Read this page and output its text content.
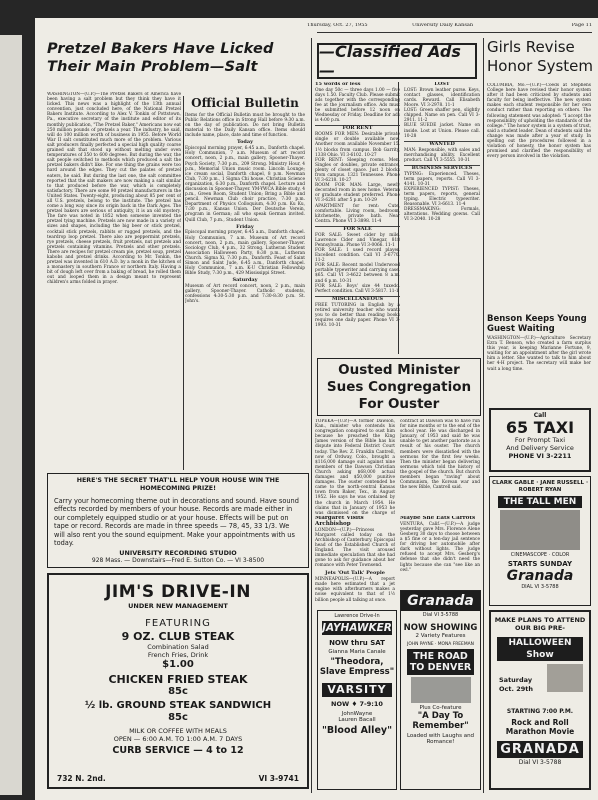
Thursday, Oct. 27, 1955	University Daily Kansan	Page 11
Pretzel Bakers Have Licked Their Main Problem—Salt
WASHINGTON—(U.P.)—The Pretzel Bakers of America have been having a salt problem but they think they have it licked. This news was a highlight of the 13th annual convention, just concluded here, of the National Pretzel Bakers Institute. According to Alex V. Tonkin of Pottstown, Pa., executive secretary of the institute and editor of its monthly publication, "The Pretzel Baker," Americans now eat 250 million pounds of pretzels a year. The industry, he said, will do 100 million worth of business in 1955. Before World War II salt constituted much more of the problem. Various salt producers finally perfected a special high quality coarse grained salt that stood up without melting under oven temperatures of 350 to 600 degrees. But during the war, the salt people switched to methods which produced a salt the pretzel bakers didn't like. For one thing the grains were too hard around the edges. They cut the palates of pretzel eaters, he said. But during the last one, the salt committee reported that the salt makers are now making a salt similar to that produced before the war, which is completely satisfactory. There are some 90 pretzel manufacturers in the United States. Twenty-eight, producing about 85 per cent of all U.S. pretzels, belong to the institute. The pretzel has come a long way since its origin back in the Dark Ages. The pretzel bakers are serious of antiquity, it is an old mystery. The fare was noted in 1852 when someone invented the pretzel tying machine. Pretzels are now made in a variety of sizes and shapes, including the big beer or stick pretzel, cocktail stick pretzels, rabbits or rugged pretzels, and the teardrop loop pretzel. There also are peppermint pretzels, rye pretzels, cheese pretzels, fruit pretzels, nut pretzels and pretzels containing vitamins. Pretzels and other pretzels. There are recipes for pretzel cream pie, pretzel soup, pretzel kabobs and pretzel drinks. According to Mr. Tonkin, the pretzel was invented in 610 A.D. by a monk in the kitchen of a monastery in southern France or northern Italy. Having a bit of dough left over from a baking of bread, he rolled them out and looped them in a design meant to represent children's arms folded in prayer.
Official Bulletin
Items for the Official Bulletin must be brought to the Public Relations office in Strong Hall before 9:30 a.m. on the day of publication. Do not bring Bulletin material to the Daily Kansan office. Items should include name, place, date and time of function.
Today
Episcopal morning prayer, 6:45 a.m., Danforth chapel. Holy Communion, 7 a.m. Museum of art record concert, noon, 2 p.m., main gallery, Spooner-Thayer. Psych Society, 7:30 p.m., 209 Strong. Ministry Hour, 4 p.m., Memorial Union music room. Lincoln Lounge; ice cream social, Danforth chapel, 8 p.m. Newman Club, 7:30 p.m., 1 Sigma Chi house. Christian Science organization, 6:30 p.m., Danforth chapel. Lecture and discussion in Spooner-Thayer. YM-YWCA Bible study, 4 p.m., Green Room, Student Union; Bring a Bible and pencil. Newman Club choir practice, 7:30 p.m. Department of Physics Colloquium, 4:30 p.m. Ku Ku, 7:30 p.m., Kansas Union. Der Deutsche Verein, program in German; all who speak German invited. Quill Club, 7 p.m., Student Union.
Friday
Episcopal morning prayer, 6:45 a.m., Danforth chapel. Holy Communion, 7 a.m. Museum of Art record concert, noon, 2 p.m., main gallery, Spooner-Thayer. Sociology Club, 4 p.m., 32 Strong. Lutheran Student Association Halloween Party, 8:30 p.m., Lutheran Church. Sigma Xi, 7:30 p.m., Danforth. Feast of Saint Simon and Saint Jude, 6:45 a.m., Danforth chapel. Holy Communion, 7 a.m. K-U Christian Fellowship Bible Study, 7:30 p.m., 429 Mississippi Street.
Saturday
Museum of Art record concert, noon, 2 p.m., main gallery, Spooner-Thayer. Catholic students, confessions 4:30-5:30 p.m. and 7:30-8:30 p.m. St. John's.
HERE'S THE SECRET THAT'LL HELP YOUR HOUSE WIN THE HOMECOMING PRIZE!
Carry your homecoming theme out in decorations and sound. Have sound effects recorded by members of your house. Records are made either in our completely equipped studio or at your house. Effects will be put on tape or record. Records are made in three speeds — 78, 45, 33 1/3. We will also rent you the sound equipment. Make your appointments with us today.
UNIVERSITY RECORDING STUDIO
928 Mass. — Downstairs—Fred E. Sutton Co. — VI 3-8500
JIM'S DRIVE-IN
UNDER NEW MANAGEMENT
FEATURING
9 OZ. CLUB STEAK
Combination Salad
French Fries, Drink
$1.00
CHICKEN FRIED STEAK
85c
½ lb. GROUND STEAK SANDWICH
85c
MILK OR COFFEE WITH MEALS
OPEN — 6:00 A.M. TO 1:00 A.M. 7 DAYS
CURB SERVICE — 4 to 12
732 N. 2nd.	VI 3-9741
—Classified Ads—
15 words or less
One day 50c — three days 1.00 — five days 1.50. Faculty Club. Please submit ads together with the corresponding fee at the journalism office. Ads must be submitted before 12 noon on Wednesday or Friday. Deadline for ads is 4:00 p.m.
FOR RENT
ROOMS FOR MEN: Desirable private single or double available now. Another room available November 15. 1½ blocks from campus. Bob Garrity, 1338 Ohio. VI 3-6102. 10-27
FOR RENT: Sleeping rooms. Men. Singles or doubles, private entrance, plenty of closet space. Just 2 blocks from campus. 1321 Tennessee. Phone VI 3-6218. 10-27
ROOM FOR MAN: Large, newly decorated room in new home. Veteran or graduate student preferred. Phone VI 3-6281 after 5 p.m. 10-29
APARTMENT for rent: Cute, comfortable. Living room, bedroom, kitchenette, private bath. Near Centra. Phone VI 3-3898. 11-4
FOR SALE
FOR SALE: Sweet cider by mile. Lawrence Cider and Vinegar, 818 Pennsylvania. Phone VI 3-0066. 11-1
FOR SALE: 1 used record player. Excellent condition. Call VI 3-6770. 11-2
FOR SALE: Recent model Underwood portable typewriter and carrying case. $65. Call VI 3-4622 between 8 a.m. and 6 p.m. 10-31
FOR SALE: Boys' size 44 tuxedo. Perfect condition. Call VI 3-5817. 11-1
MISCELLANEOUS
FREE TUTORING in English by a retired university teacher who wants you to do better than reading books requires one daily paper. Phone VI 3-1993. 10-31
LOST
LOST: Brown leather purse. Keys, contact glasses, identification cards. Reward. Call Elisabeth Moore. VI 3-2978. 11-1
LOST: Green shaffer pen, slightly chipped. Name on pen. Call VI 3-2911. 11-2
BLUE SUEDE jacket. Name on inside. Lost at Union. Please call. 10-28
WANTED
MAN: Responsible, with sales and merchandising ability. Excellent product. Call VI 3-5555. 10-31
BUSINESS SERVICES
TYPING: Experienced. Theses, term papers, reports. Call VI 3-4141. 10-31
EXPERIENCED TYPIST: Theses, term papers, reports, general typing. Electric typewriter. Reasonable. VI 3-6613. 11-4
DRESSMAKING: Formals, alterations. Wedding gowns. Call VI 3-2040. 10-28
Ousted Minister Sues Congregation For Ouster
TOPEKA—(U.P.)—A former Dawson, Kan., minister who contends his congregation conspired to oust him because he preached the King James version of the Bible has his dispute into Federal District Court today. The Rev. Z. Franklin Cantrell, now of Ordway, Colo., brought a $116,000 damage suit against nine members of the Dawson Christian Church asking $68,000 actual damages and $50,000 punitive damages. The ouster contended he came to the north-central Kansas town from Baker, Tex., in August 1952. He says he was ordained by the church in March 1954. He claims that in January of 1953 he was dismissed on the charge of
contract at Dawson was to have run for nine months or to the end of the school year. He was discharged in January, of 1953 and said he was unable to get another pastorate as a result of his ouster. The church members were dissatisfied with the sermons for the first few weeks. Then the minister began delivering sermons which told the history of the gospel of the church. But church members began "raving" about Communism, the Korean war and the new Bible, Cantrell said.
Margaret Visits Archbishop
LONDON—(U.P.)—Princess Margaret called today on the Archbishop of Canterbury, Episcopal head of the Established Church of England. The visit aroused immediate speculation that she had gone to ask for guidance about her romance with Peter Townsend.
Jets 'Out Talk' People
MINNEAPOLIS—(U.P.)—A report made here estimated that a jet engine with afterburners makes a noise equivalent to that of 1½ billion people all talking at once.
Maybe She Eats Carrots
VENTURA, Calif.—(U.P.)—A judge yesterday gave Mrs. Florence Alene Gesberg 30 days to choose between a $5 fine or a ten-day jail sentence for driving her automobile after dark without lights. The judge refused to accept Mrs. Gesberg's defense that she didn't need the lights because she can "see like an owl."
Lawrence Drive-In
JAYHAWKER
NOW thru SAT
Gianna Maria Canale
"Theodora, Slave Empress"
VARSITY
NOW ♦ 7-9:10
JohnWayne
Lauren Bacall
"Blood Alley"
Granada
Dial VI 3-5788
NOW SHOWING
2 Variety Features
JOHN PAYNE · MONA FREEMAN
THE ROAD TO DENVER
Plus Co-feature
"A Day To Remember"
Loaded with Laughs and Romance!
Girls Revise Honor System
COLUMBIA, Mo.—(U.P.)—Coeds at Stephens College here have revised their honor system after it had been criticized by students and faculty for being ineffective. The new system makes each student responsible for her own conduct rather than reporting on others. The following statement was adopted: "I accept the responsibility of upholding the standards of the college." The honor system is a system of trust, said a student leader. Dean of students said the change was made after a year of study. In spelling out the procedures followed in a violation of honesty, the honor system has promised and clarified the responsibility of every person involved in the violation.
Benson Keeps Young Guest Waiting
WASHINGTON—(U.P.)—Agriculture Secretary Ezra T. Benson, who created a farm surplus this year, is keeping Marianne Fortune, 9, waiting for an appointment after the girl wrote him a letter. She wanted to talk to him about her 4-H project. The secretary will make her wait a long time.
Call
65 TAXI
For Prompt Taxi
And Delivery Service
PHONE VI 3-2211
CLARK GABLE · JANE RUSSELL · ROBERT RYAN
THE TALL MEN
CINEMASCOPE · COLOR
STARTS SUNDAY
Granada
DIAL VI 3-5788
MAKE PLANS TO ATTEND
OUR BIG PRE-
HALLOWEEN Show
Saturday
Oct. 29th
STARTING 7:00 P.M.
Rock and Roll
Marathon Movie
GRANADA
Dial VI 3-5788
